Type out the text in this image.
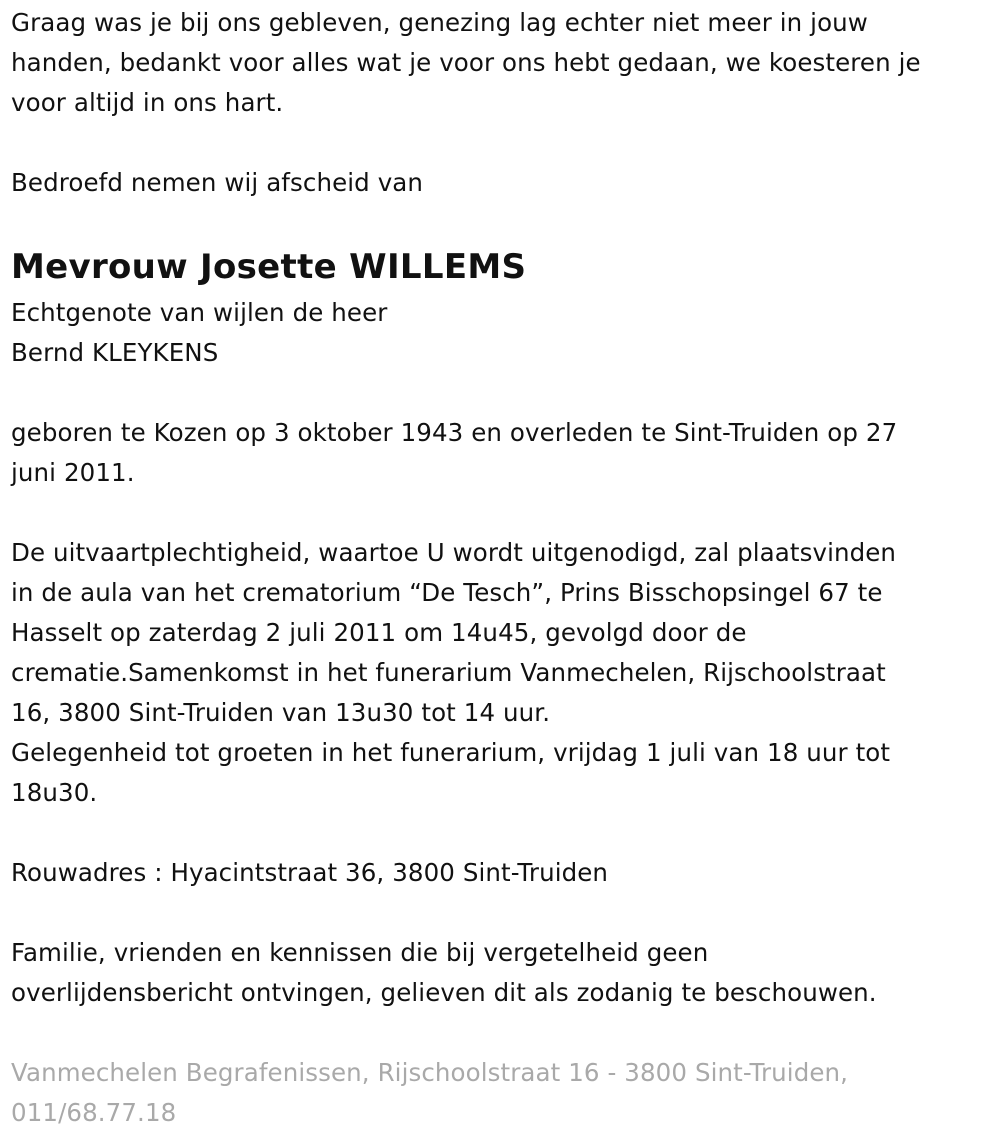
Graag was je bij ons gebleven, genezing lag echter niet meer in jouw

handen, bedankt voor alles wat je voor ons hebt gedaan, we koesteren je

voor altijd in ons hart.

Bedroefd nemen wij afscheid van

Mevrouw Josette WILLEMS

Echtgenote van wijlen de heer

Bernd KLEYKENS

geboren te Kozen op 3 oktober 1943 en overleden te Sint-Truiden op 27

juni 2011.

De uitvaartplechtigheid, waartoe U wordt uitgenodigd, zal plaatsvinden

in de aula van het crematorium “De Tesch”, Prins Bisschopsingel 67 te

Hasselt op zaterdag 2 juli 2011 om 14u45, gevolgd door de

crematie.Samenkomst in het funerarium Vanmechelen, Rijschoolstraat

16, 3800 Sint-Truiden van 13u30 tot 14 uur.

Gelegenheid tot groeten in het funerarium, vrijdag 1 juli van 18 uur tot

18u30.

Rouwadres : Hyacintstraat 36, 3800 Sint-Truiden

Familie, vrienden en kennissen die bij vergetelheid geen

overlijdensbericht ontvingen, gelieven dit als zodanig te beschouwen.

Vanmechelen Begrafenissen, Rijschoolstraat 16 - 3800 Sint-Truiden,

011/68.77.18
